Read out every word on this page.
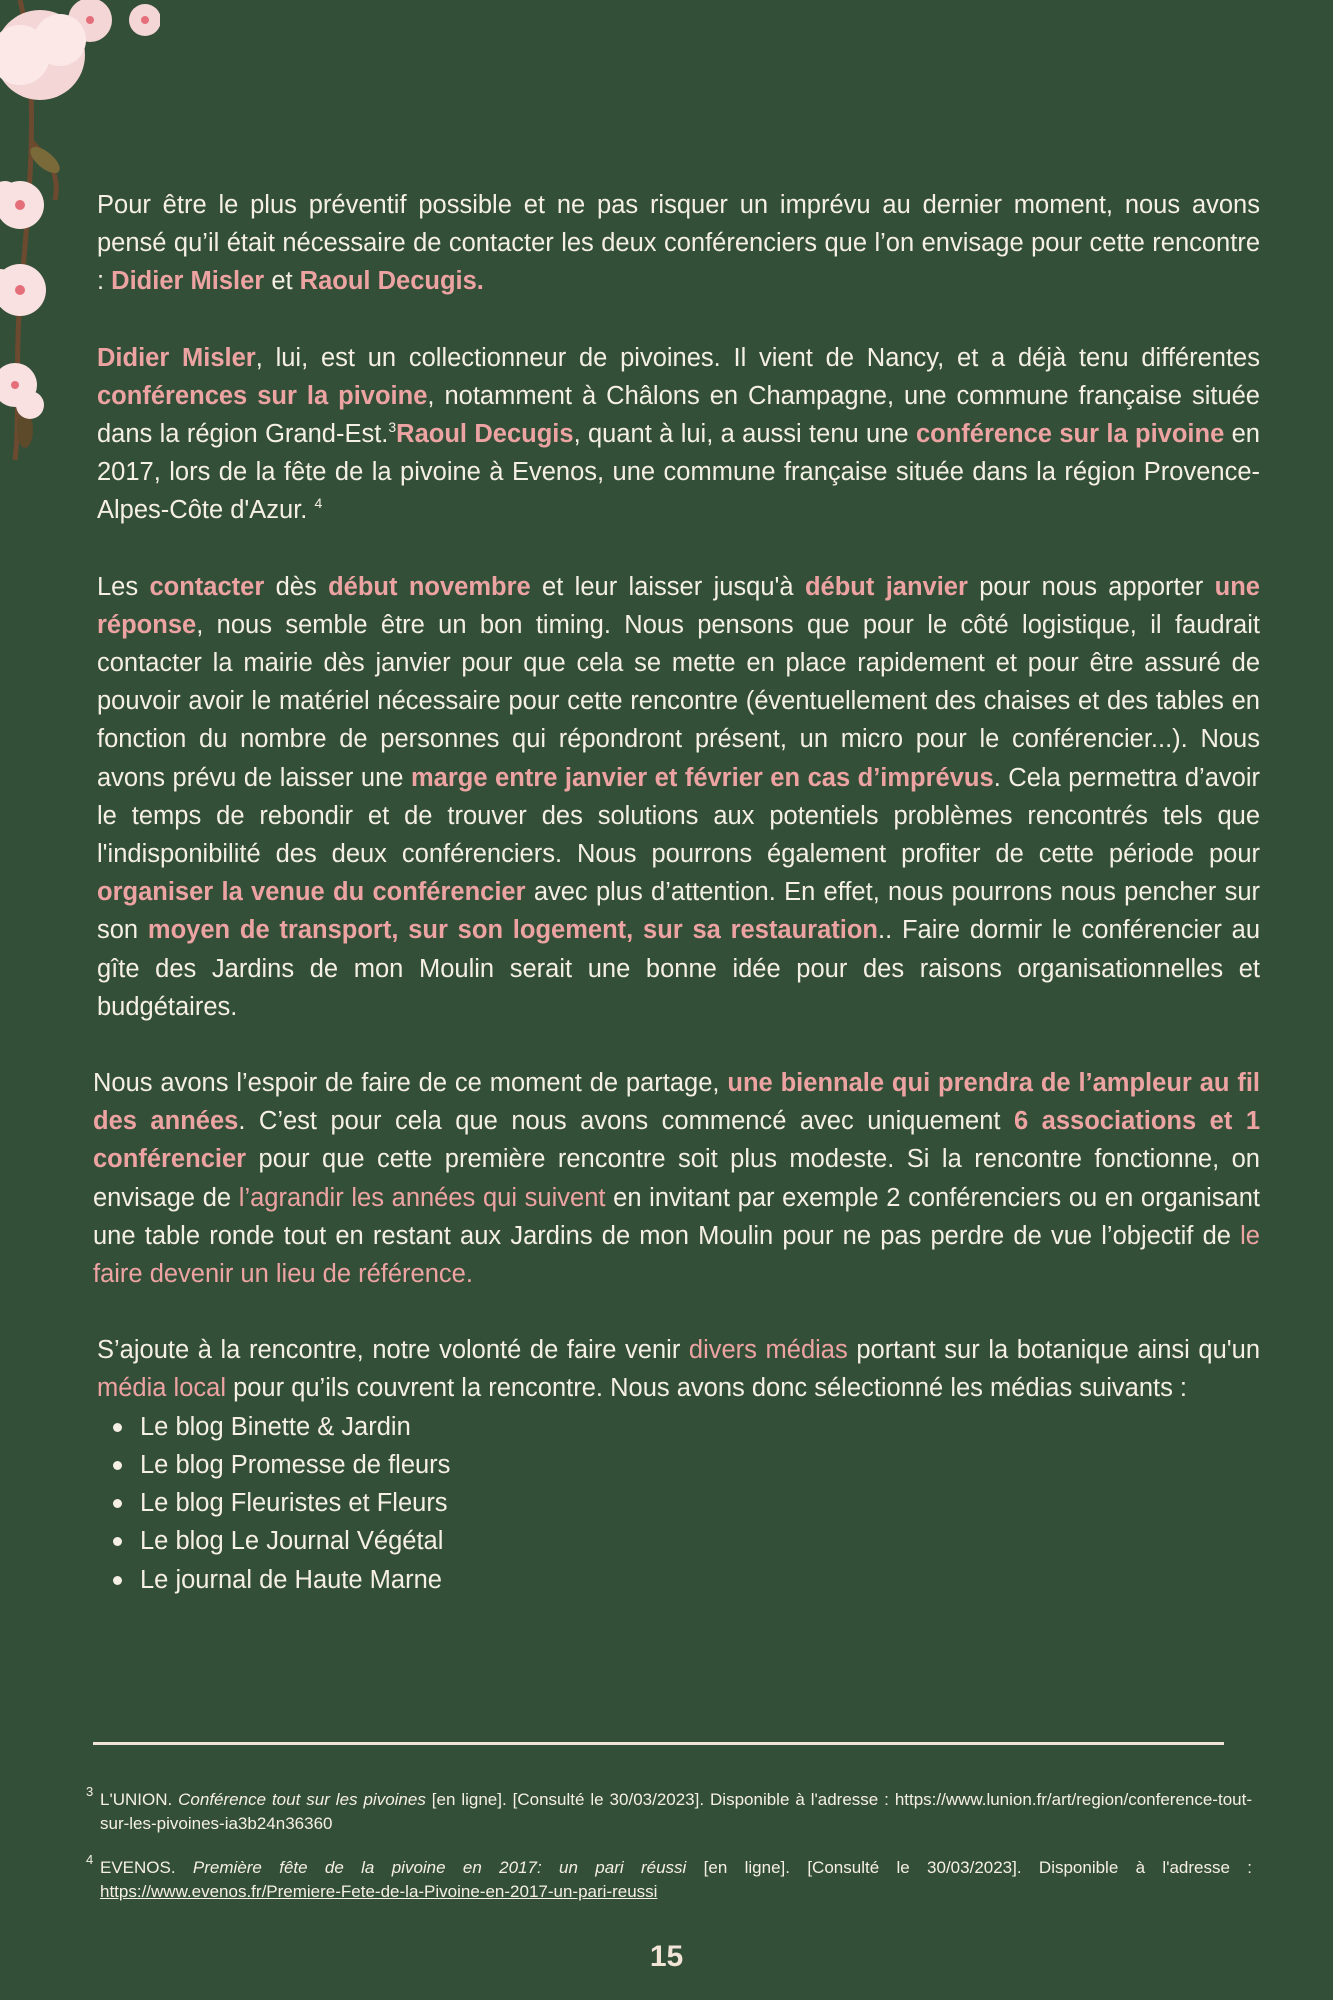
Pour être le plus préventif possible et ne pas risquer un imprévu au dernier moment, nous avons pensé qu’il était nécessaire de contacter les deux conférenciers que l’on envisage pour cette rencontre : Didier Misler et Raoul Decugis.

Didier Misler, lui, est un collectionneur de pivoines. Il vient de Nancy, et a déjà tenu différentes conférences sur la pivoine, notamment à Châlons en Champagne, une commune française située dans la région Grand-Est.$^3$Raoul Decugis, quant à lui, a aussi tenu une conférence sur la pivoine en 2017, lors de la fête de la pivoine à Evenos, une commune française située dans la région Provence-Alpes-Côte d'Azur. $^4$

Les contacter dès début novembre et leur laisser jusqu'à début janvier pour nous apporter une réponse, nous semble être un bon timing. Nous pensons que pour le côté logistique, il faudrait contacter la mairie dès janvier pour que cela se mette en place rapidement et pour être assuré de pouvoir avoir le matériel nécessaire pour cette rencontre (éventuellement des chaises et des tables en fonction du nombre de personnes qui répondront présent, un micro pour le conférencier...). Nous avons prévu de laisser une marge entre janvier et février en cas d’imprévus. Cela permettra d’avoir le temps de rebondir et de trouver des solutions aux potentiels problèmes rencontrés tels que l'indisponibilité des deux conférenciers. Nous pourrons également profiter de cette période pour organiser la venue du conférencier avec plus d’attention. En effet, nous pourrons nous pencher sur son moyen de transport, sur son logement, sur sa restauration.. Faire dormir le conférencier au gîte des Jardins de mon Moulin serait une bonne idée pour des raisons organisationnelles et budgétaires.

Nous avons l’espoir de faire de ce moment de partage, une biennale qui prendra de l’ampleur au fil des années. C’est pour cela que nous avons commencé avec uniquement 6 associations et 1 conférencier pour que cette première rencontre soit plus modeste. Si la rencontre fonctionne, on envisage de l’agrandir les années qui suivent en invitant par exemple 2 conférenciers ou en organisant une table ronde tout en restant aux Jardins de mon Moulin pour ne pas perdre de vue l’objectif de le faire devenir un lieu de référence.

S’ajoute à la rencontre, notre volonté de faire venir divers médias portant sur la botanique ainsi qu'un média local pour qu’ils couvrent la rencontre. Nous avons donc sélectionné les médias suivants :

Le blog Binette & Jardin
Le blog Promesse de fleurs
Le blog Fleuristes et Fleurs
Le blog Le Journal Végétal
Le journal de Haute Marne
3 L'UNION. Conférence tout sur les pivoines [en ligne]. [Consulté le 30/03/2023]. Disponible à l'adresse : https://www.lunion.fr/art/region/conference-tout-sur-les-pivoines-ia3b24n36360
4 EVENOS. Première fête de la pivoine en 2017: un pari réussi [en ligne]. [Consulté le 30/03/2023]. Disponible à l'adresse : https://www.evenos.fr/Premiere-Fete-de-la-Pivoine-en-2017-un-pari-reussi
15
